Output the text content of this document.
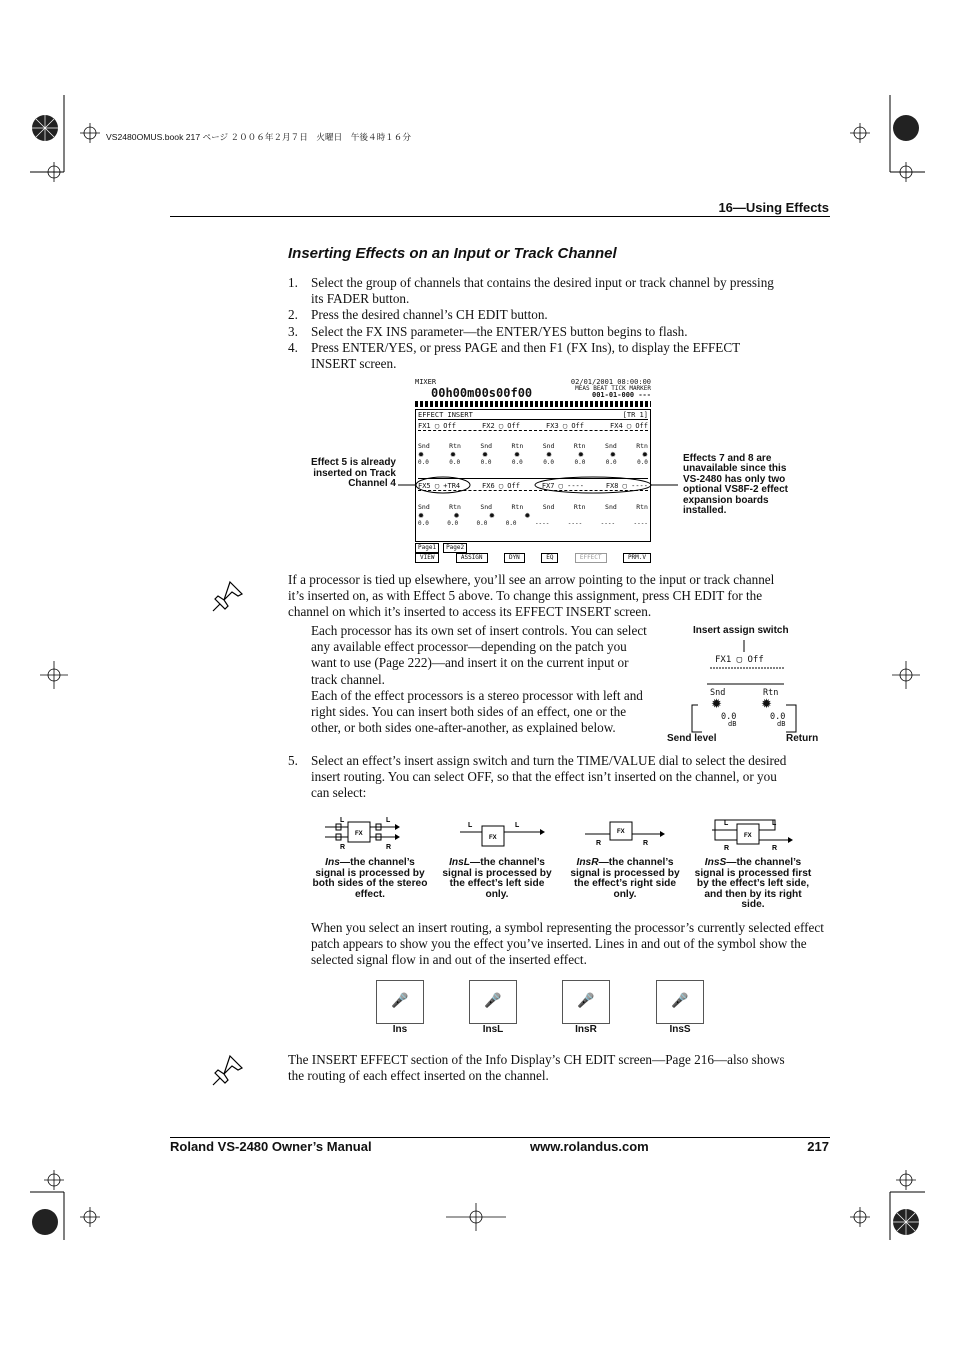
VS2480OMUS.book 217 ページ ２００６年２月７日　火曜日　午後４時１６分
16—Using Effects
Inserting Effects on an Input or Track Channel
1. Select the group of channels that contains the desired input or track channel by pressing its FADER button.
2. Press the desired channel’s CH EDIT button.
3. Select the FX INS parameter—the ENTER/YES button begins to flash.
4. Press ENTER/YES, or press PAGE and then F1 (FX Ins), to display the EFFECT INSERT screen.
MIXER	02/01/2001 08:00:00
00h00m00s00f00	MEAS BEAT TICK MARKER
001-01-000 ---
EFFECT INSERT	[TR 1]
FX1 ▢ Off	FX2 ▢ Off	FX3 ▢ Off	FX4 ▢ Off
Snd	Rtn	Snd	Rtn	Snd	Rtn	Snd	Rtn
✹	✹	✹	✹	✹	✹	✹	✹
0.0	0.0	0.0	0.0	0.0	0.0	0.0	0.0
FX5 ▢ +TR4	FX6 ▢ Off	FX7 ▢ ----	FX8 ▢ ----
Snd	Rtn	Snd	Rtn	Snd	Rtn	Snd	Rtn
✹	✹	✹	✹
0.0	0.0	0.0	0.0	----	----	----	----
Page1	Page2
VIEW	ASSIGN	DYN	EQ	EFFECT	PRM.V
Effect 5 is already inserted on Track Channel 4
Effects 7 and 8 are unavailable since this VS-2480 has only two optional VS8F-2 effect expansion boards installed.
If a processor is tied up elsewhere, you’ll see an arrow pointing to the input or track channel it’s inserted on, as with Effect 5 above. To change this assignment, press CH EDIT for the channel on which it’s inserted to access its EFFECT INSERT screen.
Each processor has its own set of insert controls. You can select any available effect processor—depending on the patch you want to use (Page 222)—and insert it on the current input or track channel.
Each of the effect processors is a stereo processor with left and right sides. You can insert both sides of an effect, one or the other, or both sides one-after-another, as explained below.
Insert assign switch
FX1 ▢ Off
Snd	Rtn
✹	✹
0.0	0.0
dB	dB
Send level	Return
5. Select an effect’s insert assign switch and turn the TIME/VALUE dial to select the desired insert routing. You can select OFF, so that the effect isn’t inserted on the channel, or you can select:
FX
FX
FX
FX
L	L
R	R
L	L
R	R
L	L
R	R
Ins—the channel’s signal is processed by both sides of the stereo effect.
InsL—the channel’s signal is processed by the effect’s left side only.
InsR—the channel’s signal is processed by the effect’s right side only.
InsS—the channel’s signal is processed first by the effect’s left side, and then by its right side.
When you select an insert routing, a symbol representing the processor’s currently selected effect patch appears to show you the effect you’ve inserted. Lines in and out of the symbol show the selected signal flow in and out of the inserted effect.
🎤
Ins
🎤
InsL
🎤
InsR
🎤
InsS
The INSERT EFFECT section of the Info Display’s CH EDIT screen—Page 216—also shows the routing of each effect inserted on the channel.
Roland VS-2480 Owner’s Manual	www.rolandus.com	217
